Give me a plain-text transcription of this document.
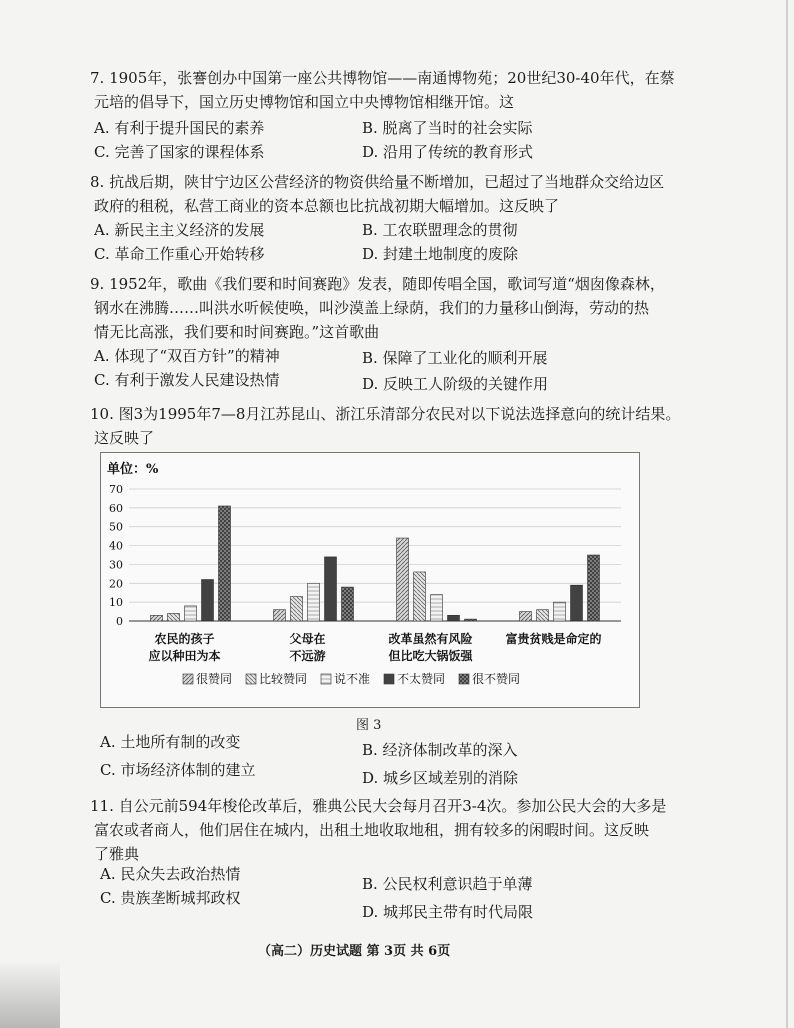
7. 1905年，张謇创办中国第一座公共博物馆——南通博物苑；20世纪30-40年代，在蔡
元培的倡导下，国立历史博物馆和国立中央博物馆相继开馆。这
A. 有利于提升国民的素养	B. 脱离了当时的社会实际
C. 完善了国家的课程体系	D. 沿用了传统的教育形式
8. 抗战后期，陕甘宁边区公营经济的物资供给量不断增加，已超过了当地群众交给边区
政府的租税，私营工商业的资本总额也比抗战初期大幅增加。这反映了
A. 新民主主义经济的发展	B. 工农联盟理念的贯彻
C. 革命工作重心开始转移	D. 封建土地制度的废除
9. 1952年，歌曲《我们要和时间赛跑》发表，随即传唱全国，歌词写道“烟囱像森林，
钢水在沸腾……叫洪水听候使唤，叫沙漠盖上绿荫，我们的力量移山倒海，劳动的热
情无比高涨，我们要和时间赛跑。”这首歌曲
A. 体现了“双百方针”的精神	B. 保障了工业化的顺利开展
C. 有利于激发人民建设热情	D. 反映工人阶级的关键作用
10. 图3为1995年7—8月江苏昆山、浙江乐清部分农民对以下说法选择意向的统计结果。
这反映了
单位：%
0
10
20
30
40
50
60
70
农民的孩子
应以种田为本
父母在
不远游
改革虽然有风险
但比吃大锅饭强
富贵贫贱是命定的
很赞同 比较赞同 说不准 不太赞同 很不赞同
图 3
A. 土地所有制的改变	B. 经济体制改革的深入
C. 市场经济体制的建立	D. 城乡区域差别的消除
11. 自公元前594年梭伦改革后，雅典公民大会每月召开3-4次。参加公民大会的大多是
富农或者商人，他们居住在城内，出租土地收取地租，拥有较多的闲暇时间。这反映
了雅典
A. 民众失去政治热情
B. 公民权利意识趋于单薄
C. 贵族垄断城邦政权
D. 城邦民主带有时代局限
（高二）历史试题 第 3页 共 6页
